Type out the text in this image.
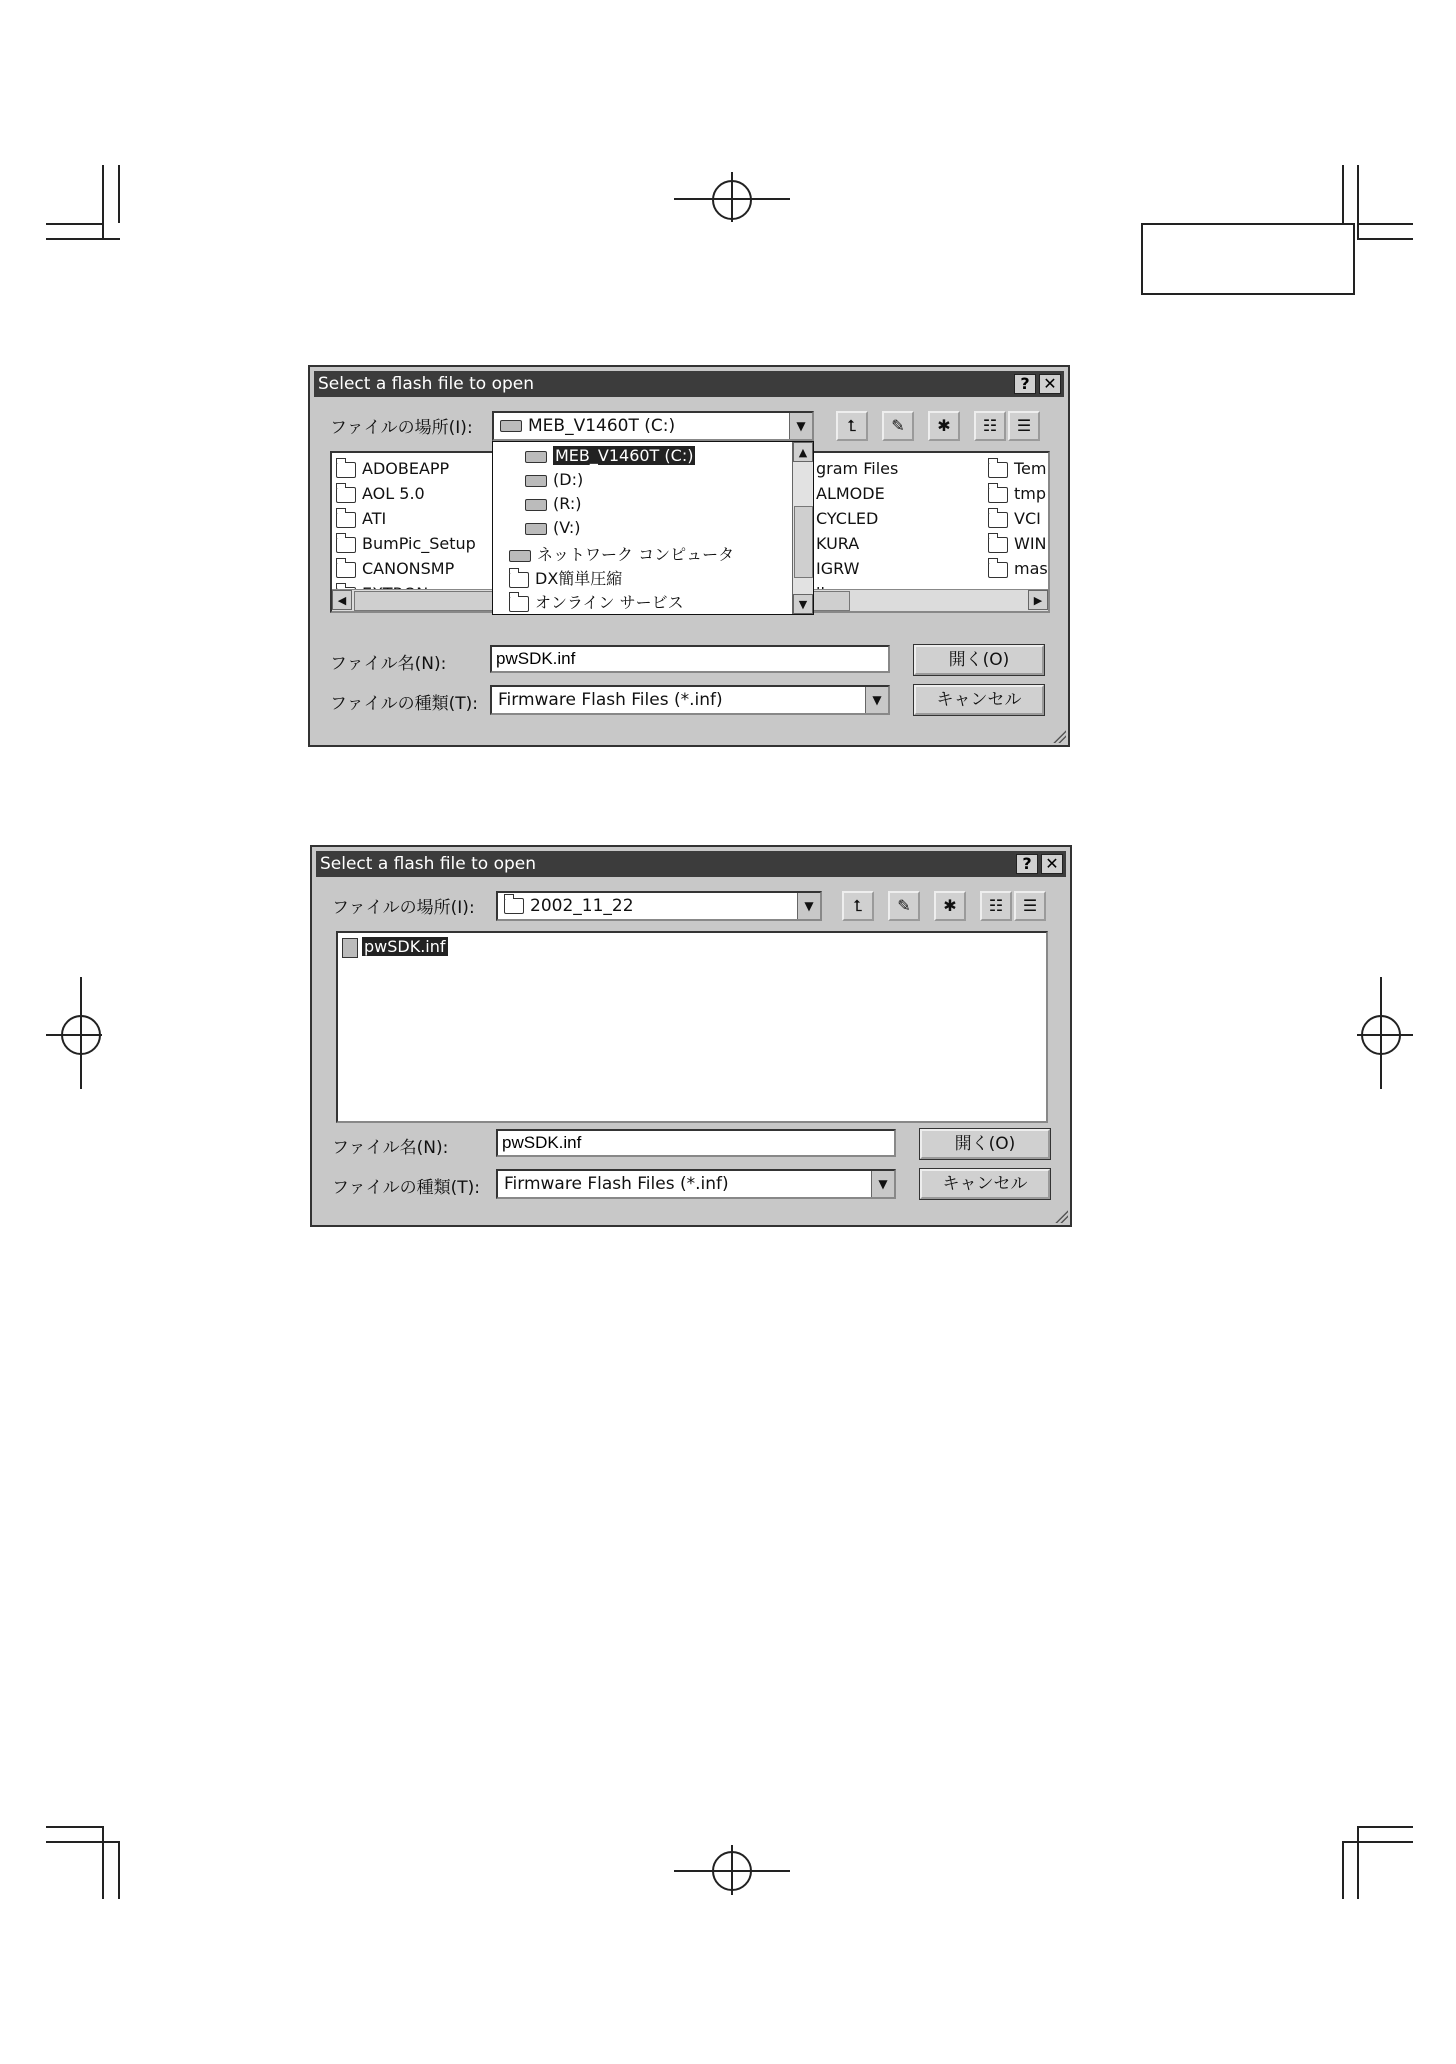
Select a flash file to open	? ✕
ファイルの場所(I):	MEB_V1460T (C:)	▼	⮤	✎	✱	☷	☰
ADOBEAPP
AOL 5.0
ATI
BumPic_Setup
CANONSMP
gram Files
ALMODE
CYCLED
KURA
IGRW
Tem
tmp
VCI
WIN
mas
◀	▶
MEB_V1460T (C:)
(D:)
(R:)
(V:)
ネットワーク コンピュータ
DX簡単圧縮
オンライン サービス
▲
▼
ファイル名(N):
pwSDK.inf	開く(O)
ファイルの種類(T):	Firmware Flash Files (*.inf)	▼	キャンセル
Select a flash file to open	? ✕
ファイルの場所(I):	2002_11_22	▼	⮤	✎	✱	☷	☰
pwSDK.inf
ファイル名(N):
pwSDK.inf	開く(O)
ファイルの種類(T):	Firmware Flash Files (*.inf)	▼	キャンセル
